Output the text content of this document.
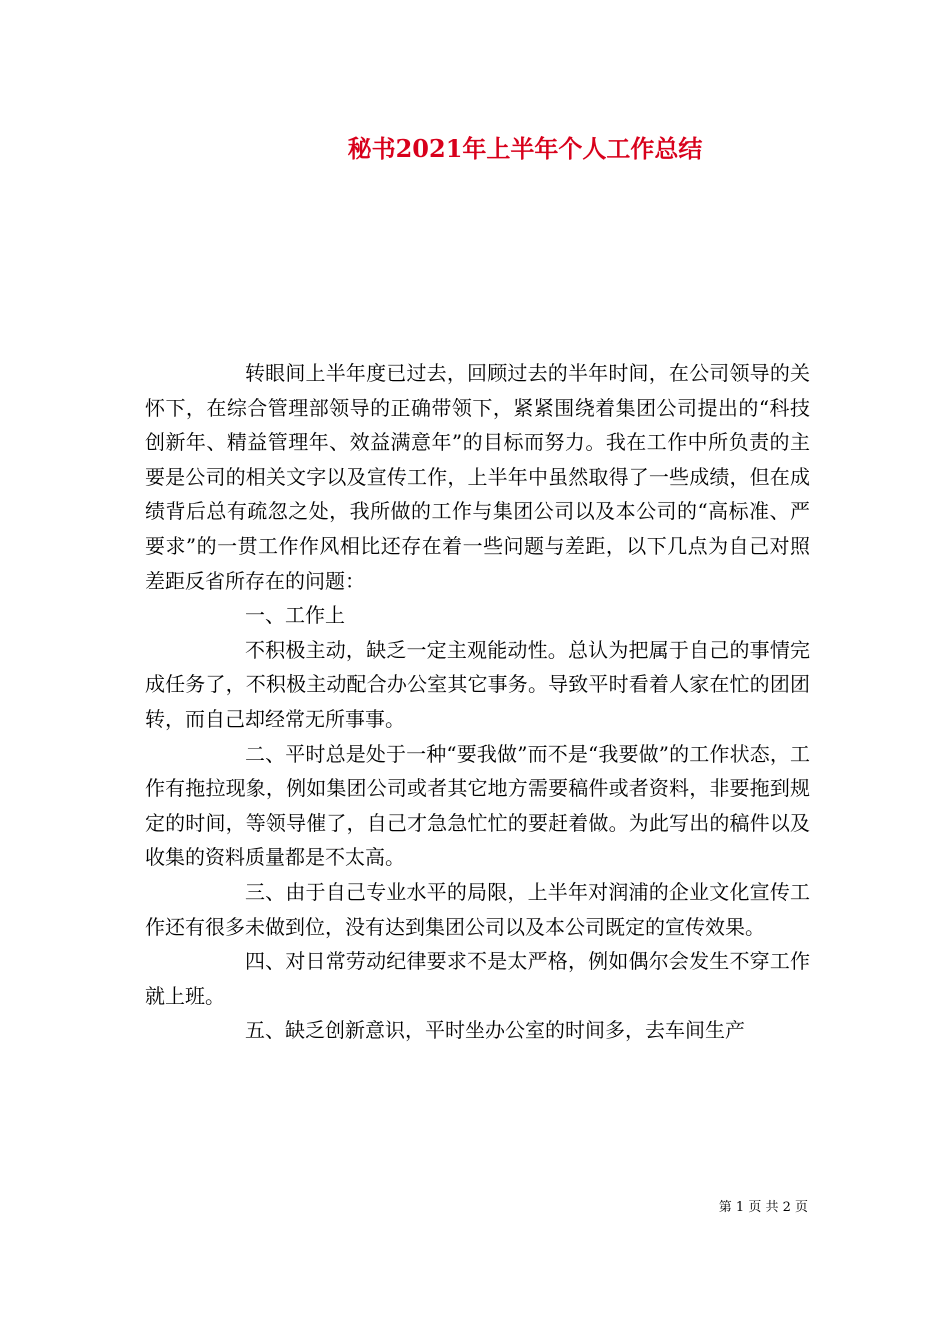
秘书2021年上半年个人工作总结

转眼间上半年度已过去，回顾过去的半年时间，在公司领导的关怀下，在综合管理部领导的正确带领下，紧紧围绕着集团公司提出的“科技创新年、精益管理年、效益满意年”的目标而努力。我在工作中所负责的主要是公司的相关文字以及宣传工作，上半年中虽然取得了一些成绩，但在成绩背后总有疏忽之处，我所做的工作与集团公司以及本公司的“高标准、严要求”的一贯工作作风相比还存在着一些问题与差距，以下几点为自己对照差距反省所存在的问题：

一、工作上

不积极主动，缺乏一定主观能动性。总认为把属于自己的事情完成任务了，不积极主动配合办公室其它事务。导致平时看着人家在忙的团团转，而自己却经常无所事事。

二、平时总是处于一种“要我做”而不是“我要做”的工作状态，工作有拖拉现象，例如集团公司或者其它地方需要稿件或者资料，非要拖到规定的时间，等领导催了，自己才急急忙忙的要赶着做。为此写出的稿件以及收集的资料质量都是不太高。

三、由于自己专业水平的局限，上半年对润浦的企业文化宣传工作还有很多未做到位，没有达到集团公司以及本公司既定的宣传效果。

四、对日常劳动纪律要求不是太严格，例如偶尔会发生不穿工作就上班。

五、缺乏创新意识，平时坐办公室的时间多，去车间生产

第 1 页 共 2 页
